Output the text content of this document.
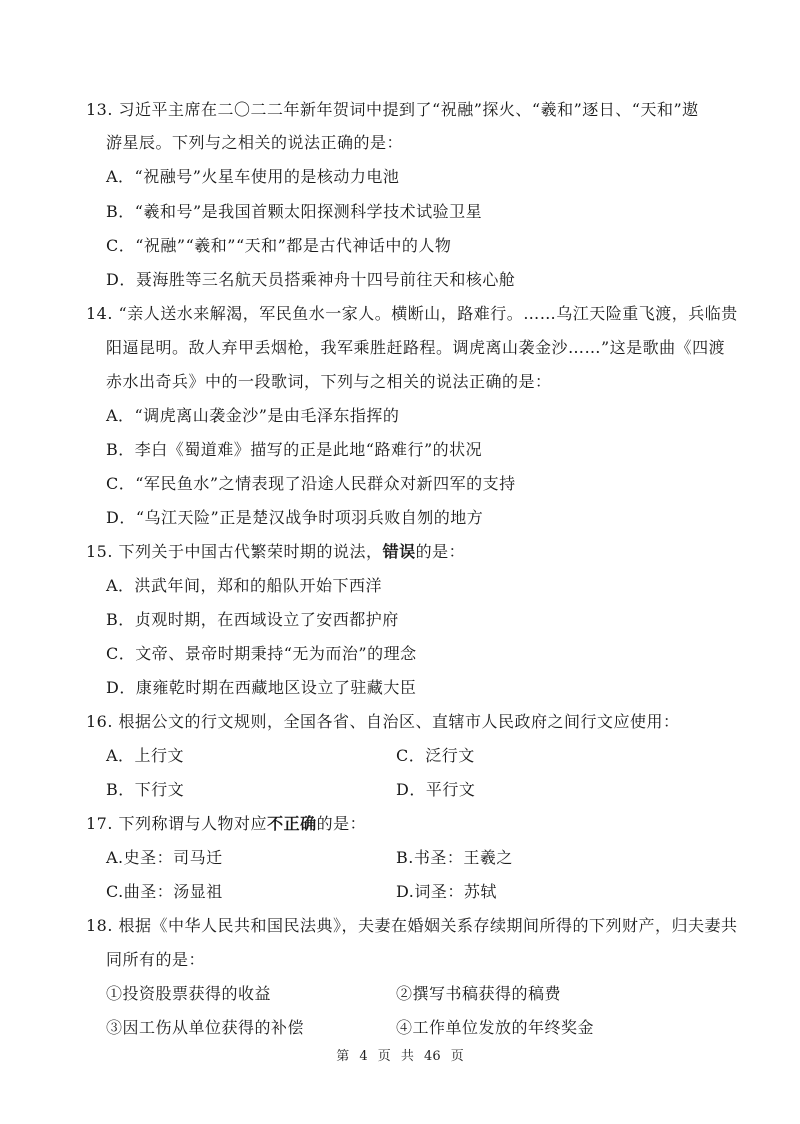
13. 习近平主席在二〇二二年新年贺词中提到了“祝融”探火、“羲和”逐日、“天和”遨
游星辰。下列与之相关的说法正确的是：
A．“祝融号”火星车使用的是核动力电池
B．“羲和号”是我国首颗太阳探测科学技术试验卫星
C．“祝融”“羲和”“天和”都是古代神话中的人物
D．聂海胜等三名航天员搭乘神舟十四号前往天和核心舱
14. “亲人送水来解渴，军民鱼水一家人。横断山，路难行。……乌江天险重飞渡，兵临贵
阳逼昆明。敌人弃甲丢烟枪，我军乘胜赶路程。调虎离山袭金沙……”这是歌曲《四渡
赤水出奇兵》中的一段歌词，下列与之相关的说法正确的是：
A．“调虎离山袭金沙”是由毛泽东指挥的
B．李白《蜀道难》描写的正是此地“路难行”的状况
C．“军民鱼水”之情表现了沿途人民群众对新四军的支持
D．“乌江天险”正是楚汉战争时项羽兵败自刎的地方
15. 下列关于中国古代繁荣时期的说法，错误的是：
A．洪武年间，郑和的船队开始下西洋
B．贞观时期，在西域设立了安西都护府
C．文帝、景帝时期秉持“无为而治”的理念
D．康雍乾时期在西藏地区设立了驻藏大臣
16. 根据公文的行文规则，全国各省、自治区、直辖市人民政府之间行文应使用：
A．上行文	C．泛行文
B．下行文	D．平行文
17. 下列称谓与人物对应不正确的是：
A.史圣：司马迁	B.书圣：王羲之
C.曲圣：汤显祖	D.词圣：苏轼
18. 根据《中华人民共和国民法典》，夫妻在婚姻关系存续期间所得的下列财产，归夫妻共
同所有的是：
①投资股票获得的收益	②撰写书稿获得的稿费
③因工伤从单位获得的补偿	④工作单位发放的年终奖金
第 4 页 共 46 页
